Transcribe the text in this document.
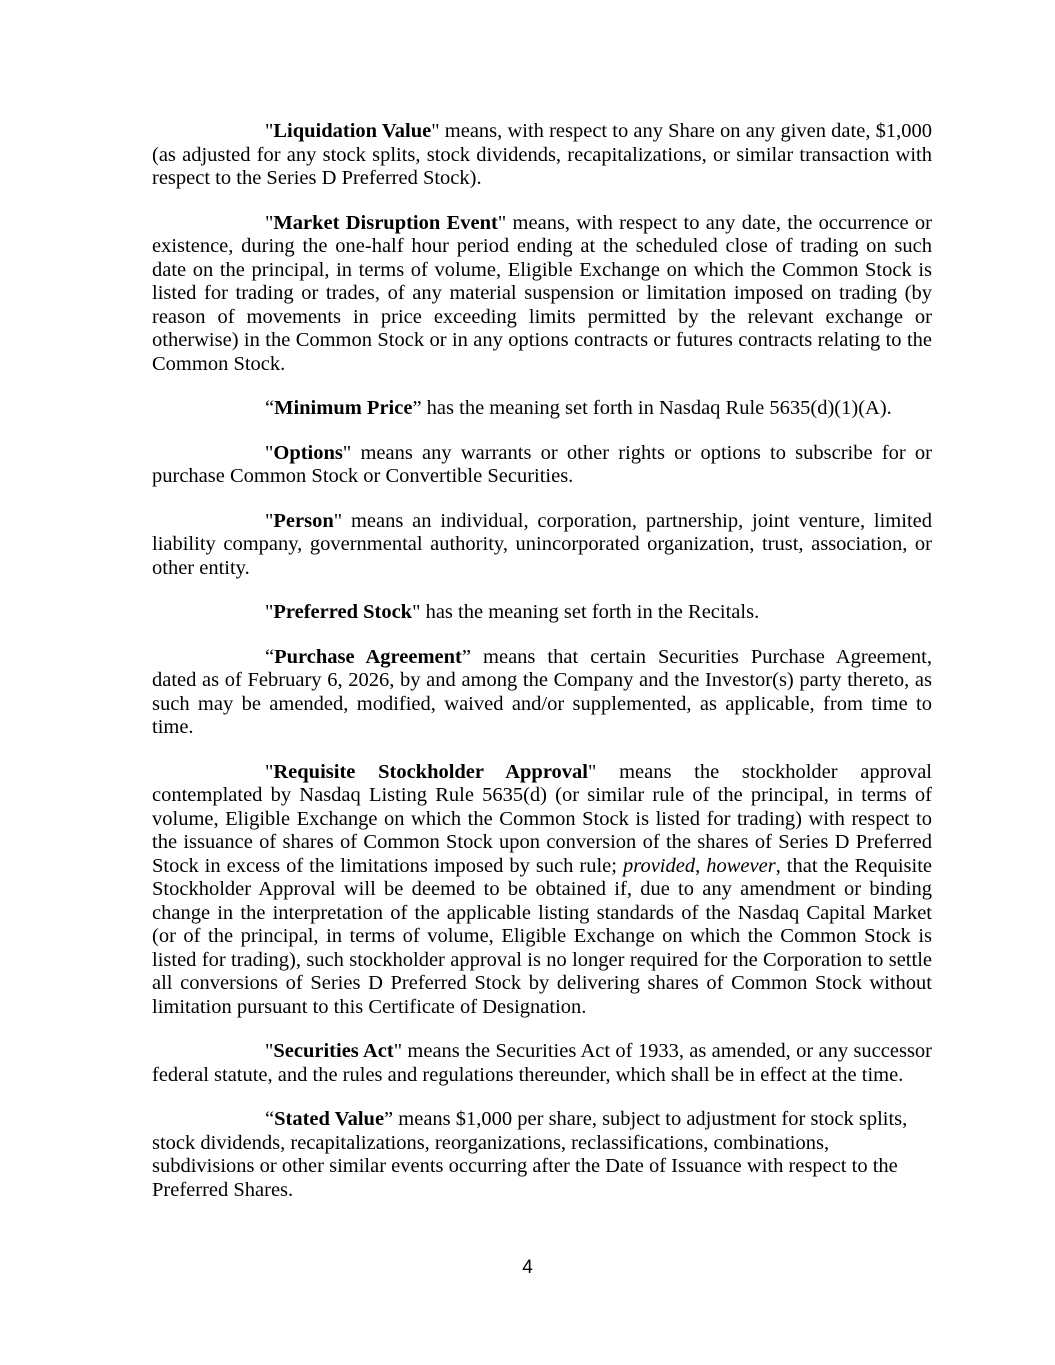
"Liquidation Value" means, with respect to any Share on any given date, $1,000 (as adjusted for any stock splits, stock dividends, recapitalizations, or similar transaction with respect to the Series D Preferred Stock).

"Market Disruption Event" means, with respect to any date, the occurrence or existence, during the one-half hour period ending at the scheduled close of trading on such date on the principal, in terms of volume, Eligible Exchange on which the Common Stock is listed for trading or trades, of any material suspension or limitation imposed on trading (by reason of movements in price exceeding limits permitted by the relevant exchange or otherwise) in the Common Stock or in any options contracts or futures contracts relating to the Common Stock.

“Minimum Price” has the meaning set forth in Nasdaq Rule 5635(d)(1)(A).

"Options" means any warrants or other rights or options to subscribe for or purchase Common Stock or Convertible Securities.

"Person" means an individual, corporation, partnership, joint venture, limited liability company, governmental authority, unincorporated organization, trust, association, or other entity.

"Preferred Stock" has the meaning set forth in the Recitals.

“Purchase Agreement” means that certain Securities Purchase Agreement, dated as of February 6, 2026, by and among the Company and the Investor(s) party thereto, as such may be amended, modified, waived and/or supplemented, as applicable, from time to time.

"Requisite Stockholder Approval" means the stockholder approval contemplated by Nasdaq Listing Rule 5635(d) (or similar rule of the principal, in terms of volume, Eligible Exchange on which the Common Stock is listed for trading) with respect to the issuance of shares of Common Stock upon conversion of the shares of Series D Preferred Stock in excess of the limitations imposed by such rule; provided, however, that the Requisite Stockholder Approval will be deemed to be obtained if, due to any amendment or binding change in the interpretation of the applicable listing standards of the Nasdaq Capital Market (or of the principal, in terms of volume, Eligible Exchange on which the Common Stock is listed for trading), such stockholder approval is no longer required for the Corporation to settle all conversions of Series D Preferred Stock by delivering shares of Common Stock without limitation pursuant to this Certificate of Designation.

"Securities Act" means the Securities Act of 1933, as amended, or any successor federal statute, and the rules and regulations thereunder, which shall be in effect at the time.

“Stated Value” means $1,000 per share, subject to adjustment for stock splits, stock dividends, recapitalizations, reorganizations, reclassifications, combinations, subdivisions or other similar events occurring after the Date of Issuance with respect to the Preferred Shares.

4
